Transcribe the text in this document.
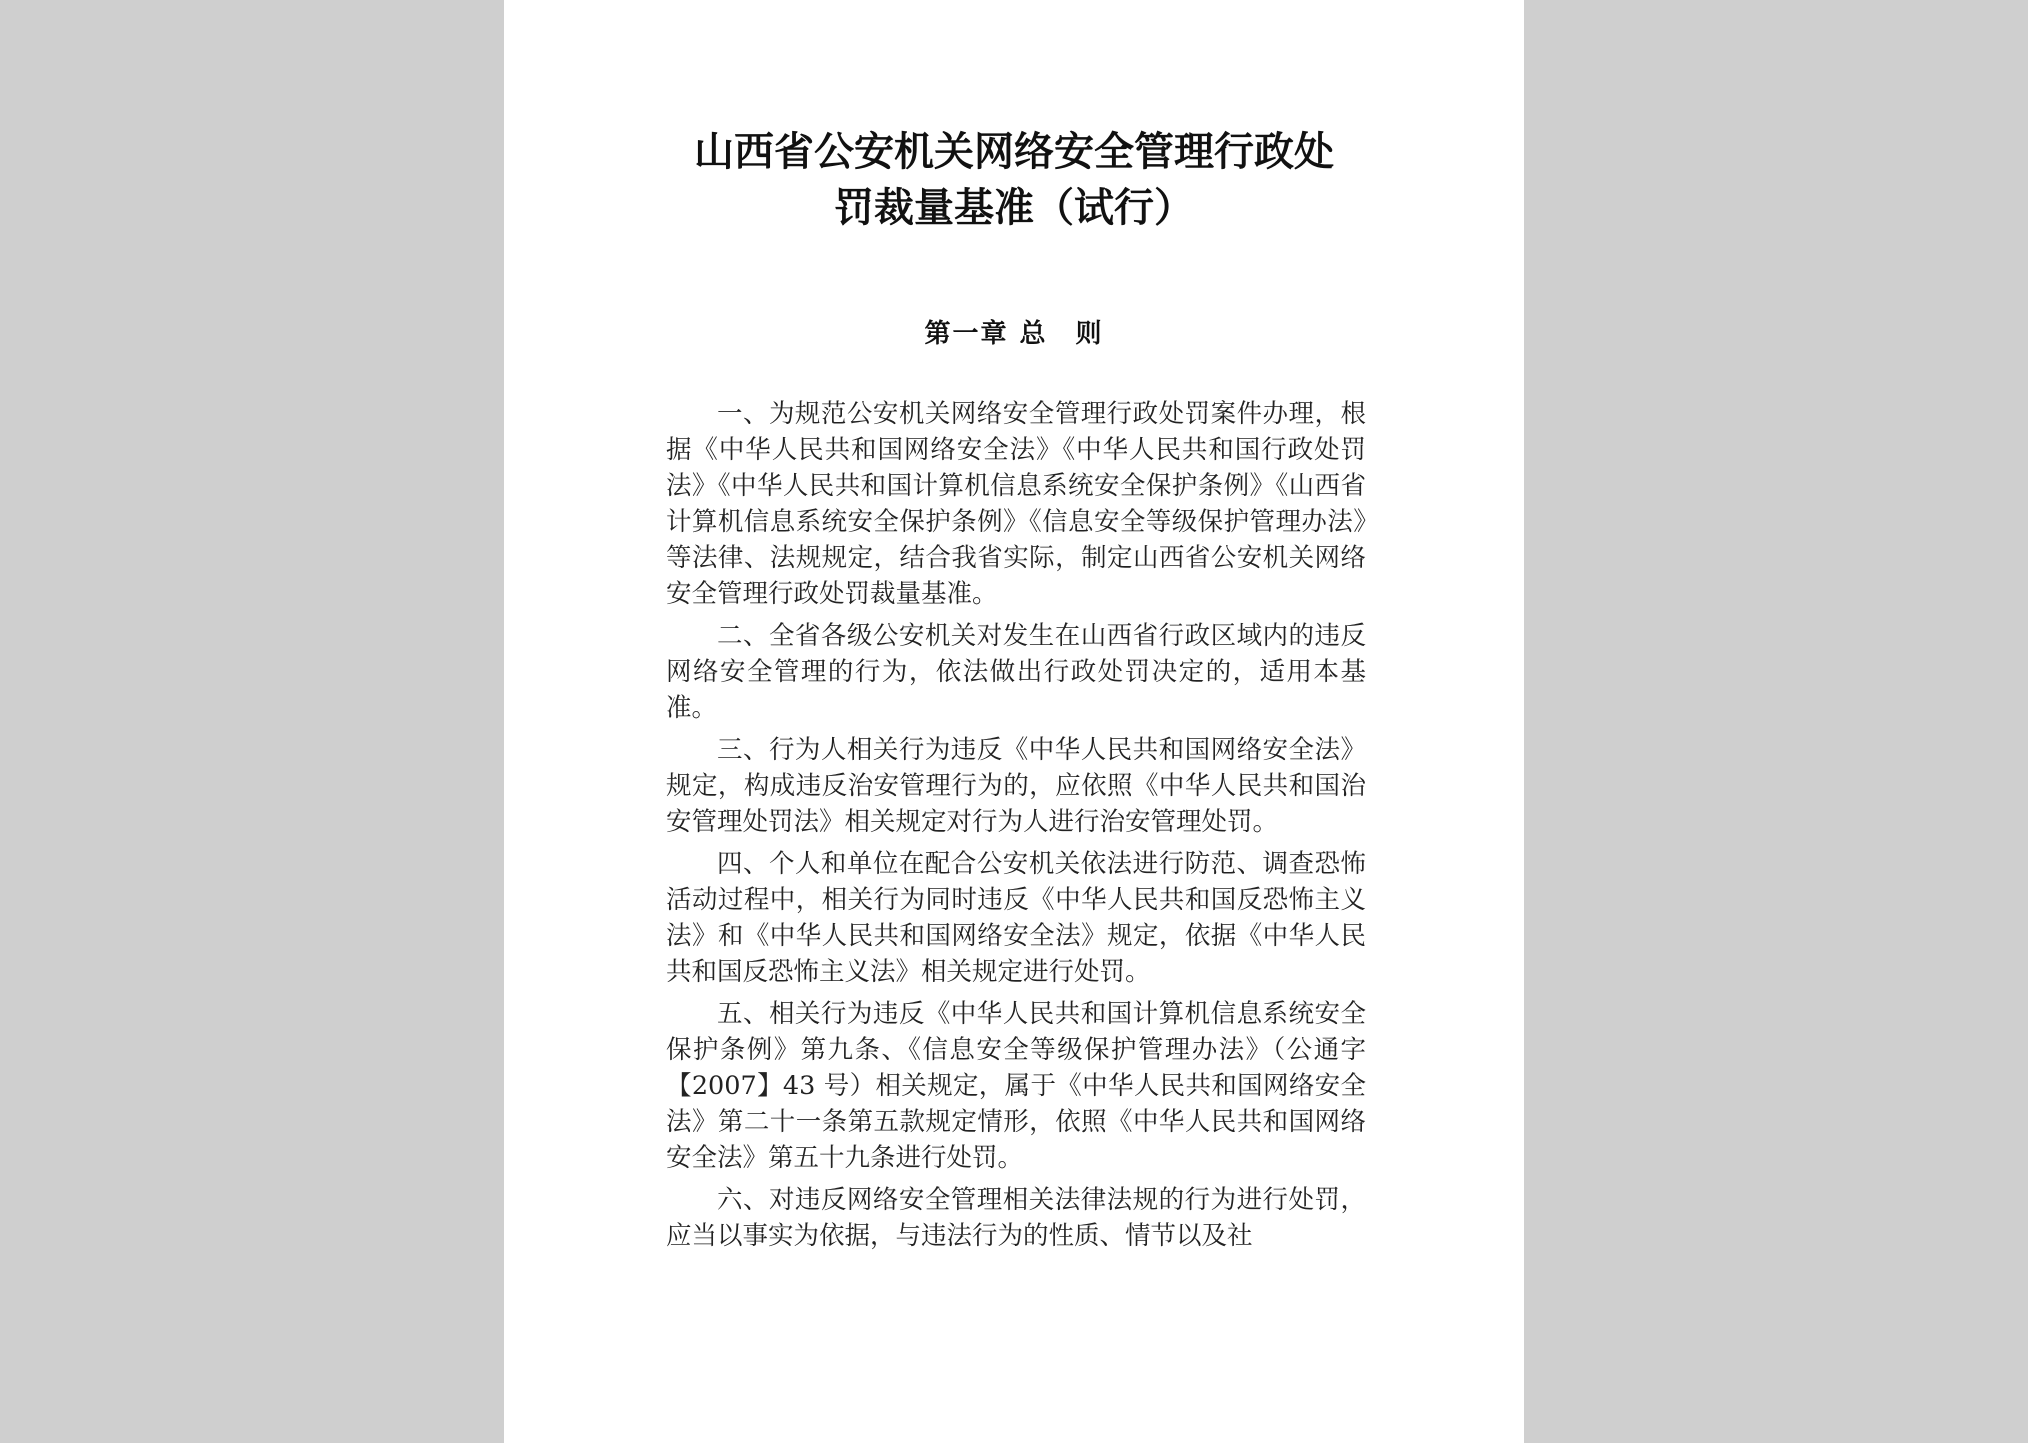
山西省公安机关网络安全管理行政处
罚裁量基准（试行）
第一章 总　则

一、为规范公安机关网络安全管理行政处罚案件办理，根据《中华人民共和国网络安全法》《中华人民共和国行政处罚法》《中华人民共和国计算机信息系统安全保护条例》《山西省计算机信息系统安全保护条例》《信息安全等级保护管理办法》等法律、法规规定，结合我省实际，制定山西省公安机关网络安全管理行政处罚裁量基准。

二、全省各级公安机关对发生在山西省行政区域内的违反网络安全管理的行为，依法做出行政处罚决定的，适用本基准。

三、行为人相关行为违反《中华人民共和国网络安全法》规定，构成违反治安管理行为的，应依照《中华人民共和国治安管理处罚法》相关规定对行为人进行治安管理处罚。

四、个人和单位在配合公安机关依法进行防范、调查恐怖活动过程中，相关行为同时违反《中华人民共和国反恐怖主义法》和《中华人民共和国网络安全法》规定，依据《中华人民共和国反恐怖主义法》相关规定进行处罚。

五、相关行为违反《中华人民共和国计算机信息系统安全保护条例》第九条、《信息安全等级保护管理办法》（公通字【2007】43 号）相关规定，属于《中华人民共和国网络安全法》第二十一条第五款规定情形，依照《中华人民共和国网络安全法》第五十九条进行处罚。

六、对违反网络安全管理相关法律法规的行为进行处罚，应当以事实为依据，与违法行为的性质、情节以及社
